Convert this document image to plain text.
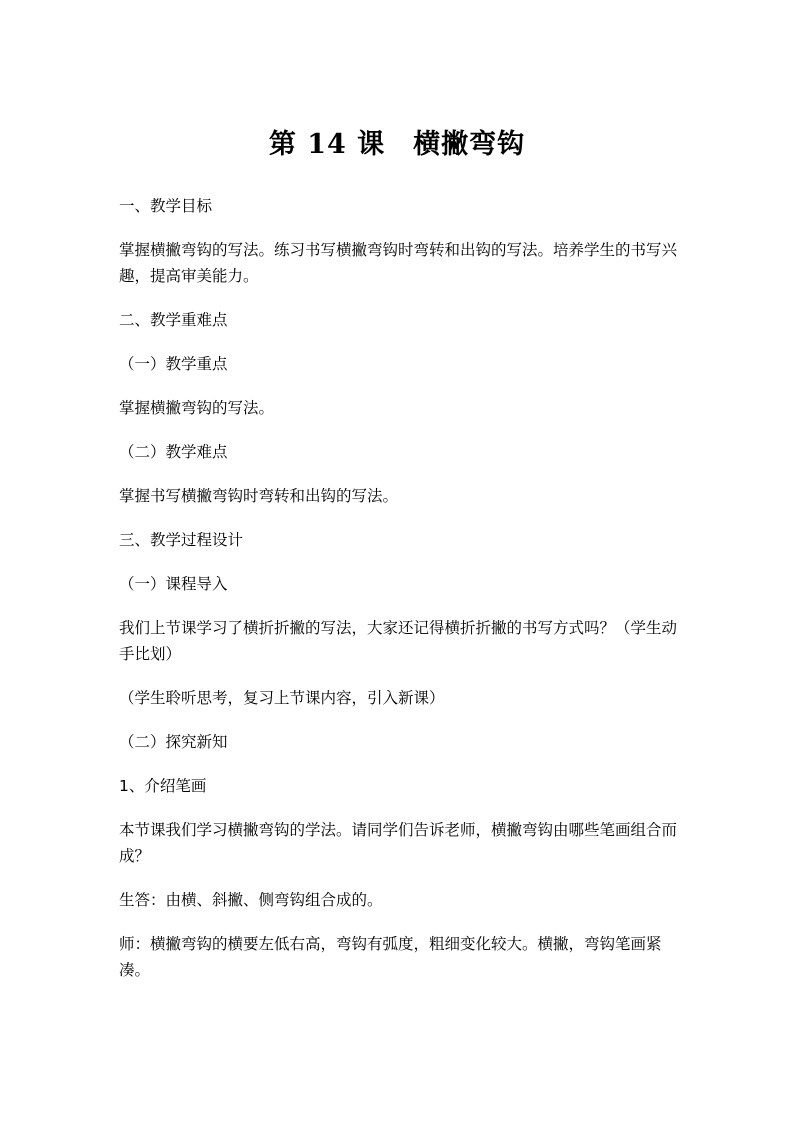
第 14 课　横撇弯钩

一、教学目标

掌握横撇弯钩的写法。练习书写横撇弯钩时弯转和出钩的写法。培养学生的书写兴趣，提高审美能力。

二、教学重难点

（一）教学重点

掌握横撇弯钩的写法。

（二）教学难点

掌握书写横撇弯钩时弯转和出钩的写法。

三、教学过程设计

（一）课程导入

我们上节课学习了横折折撇的写法，大家还记得横折折撇的书写方式吗？（学生动手比划）

（学生聆听思考，复习上节课内容，引入新课）

（二）探究新知

1、介绍笔画

本节课我们学习横撇弯钩的学法。请同学们告诉老师，横撇弯钩由哪些笔画组合而成？

生答：由横、斜撇、侧弯钩组合成的。

师：横撇弯钩的横要左低右高，弯钩有弧度，粗细变化较大。横撇，弯钩笔画紧凑。
